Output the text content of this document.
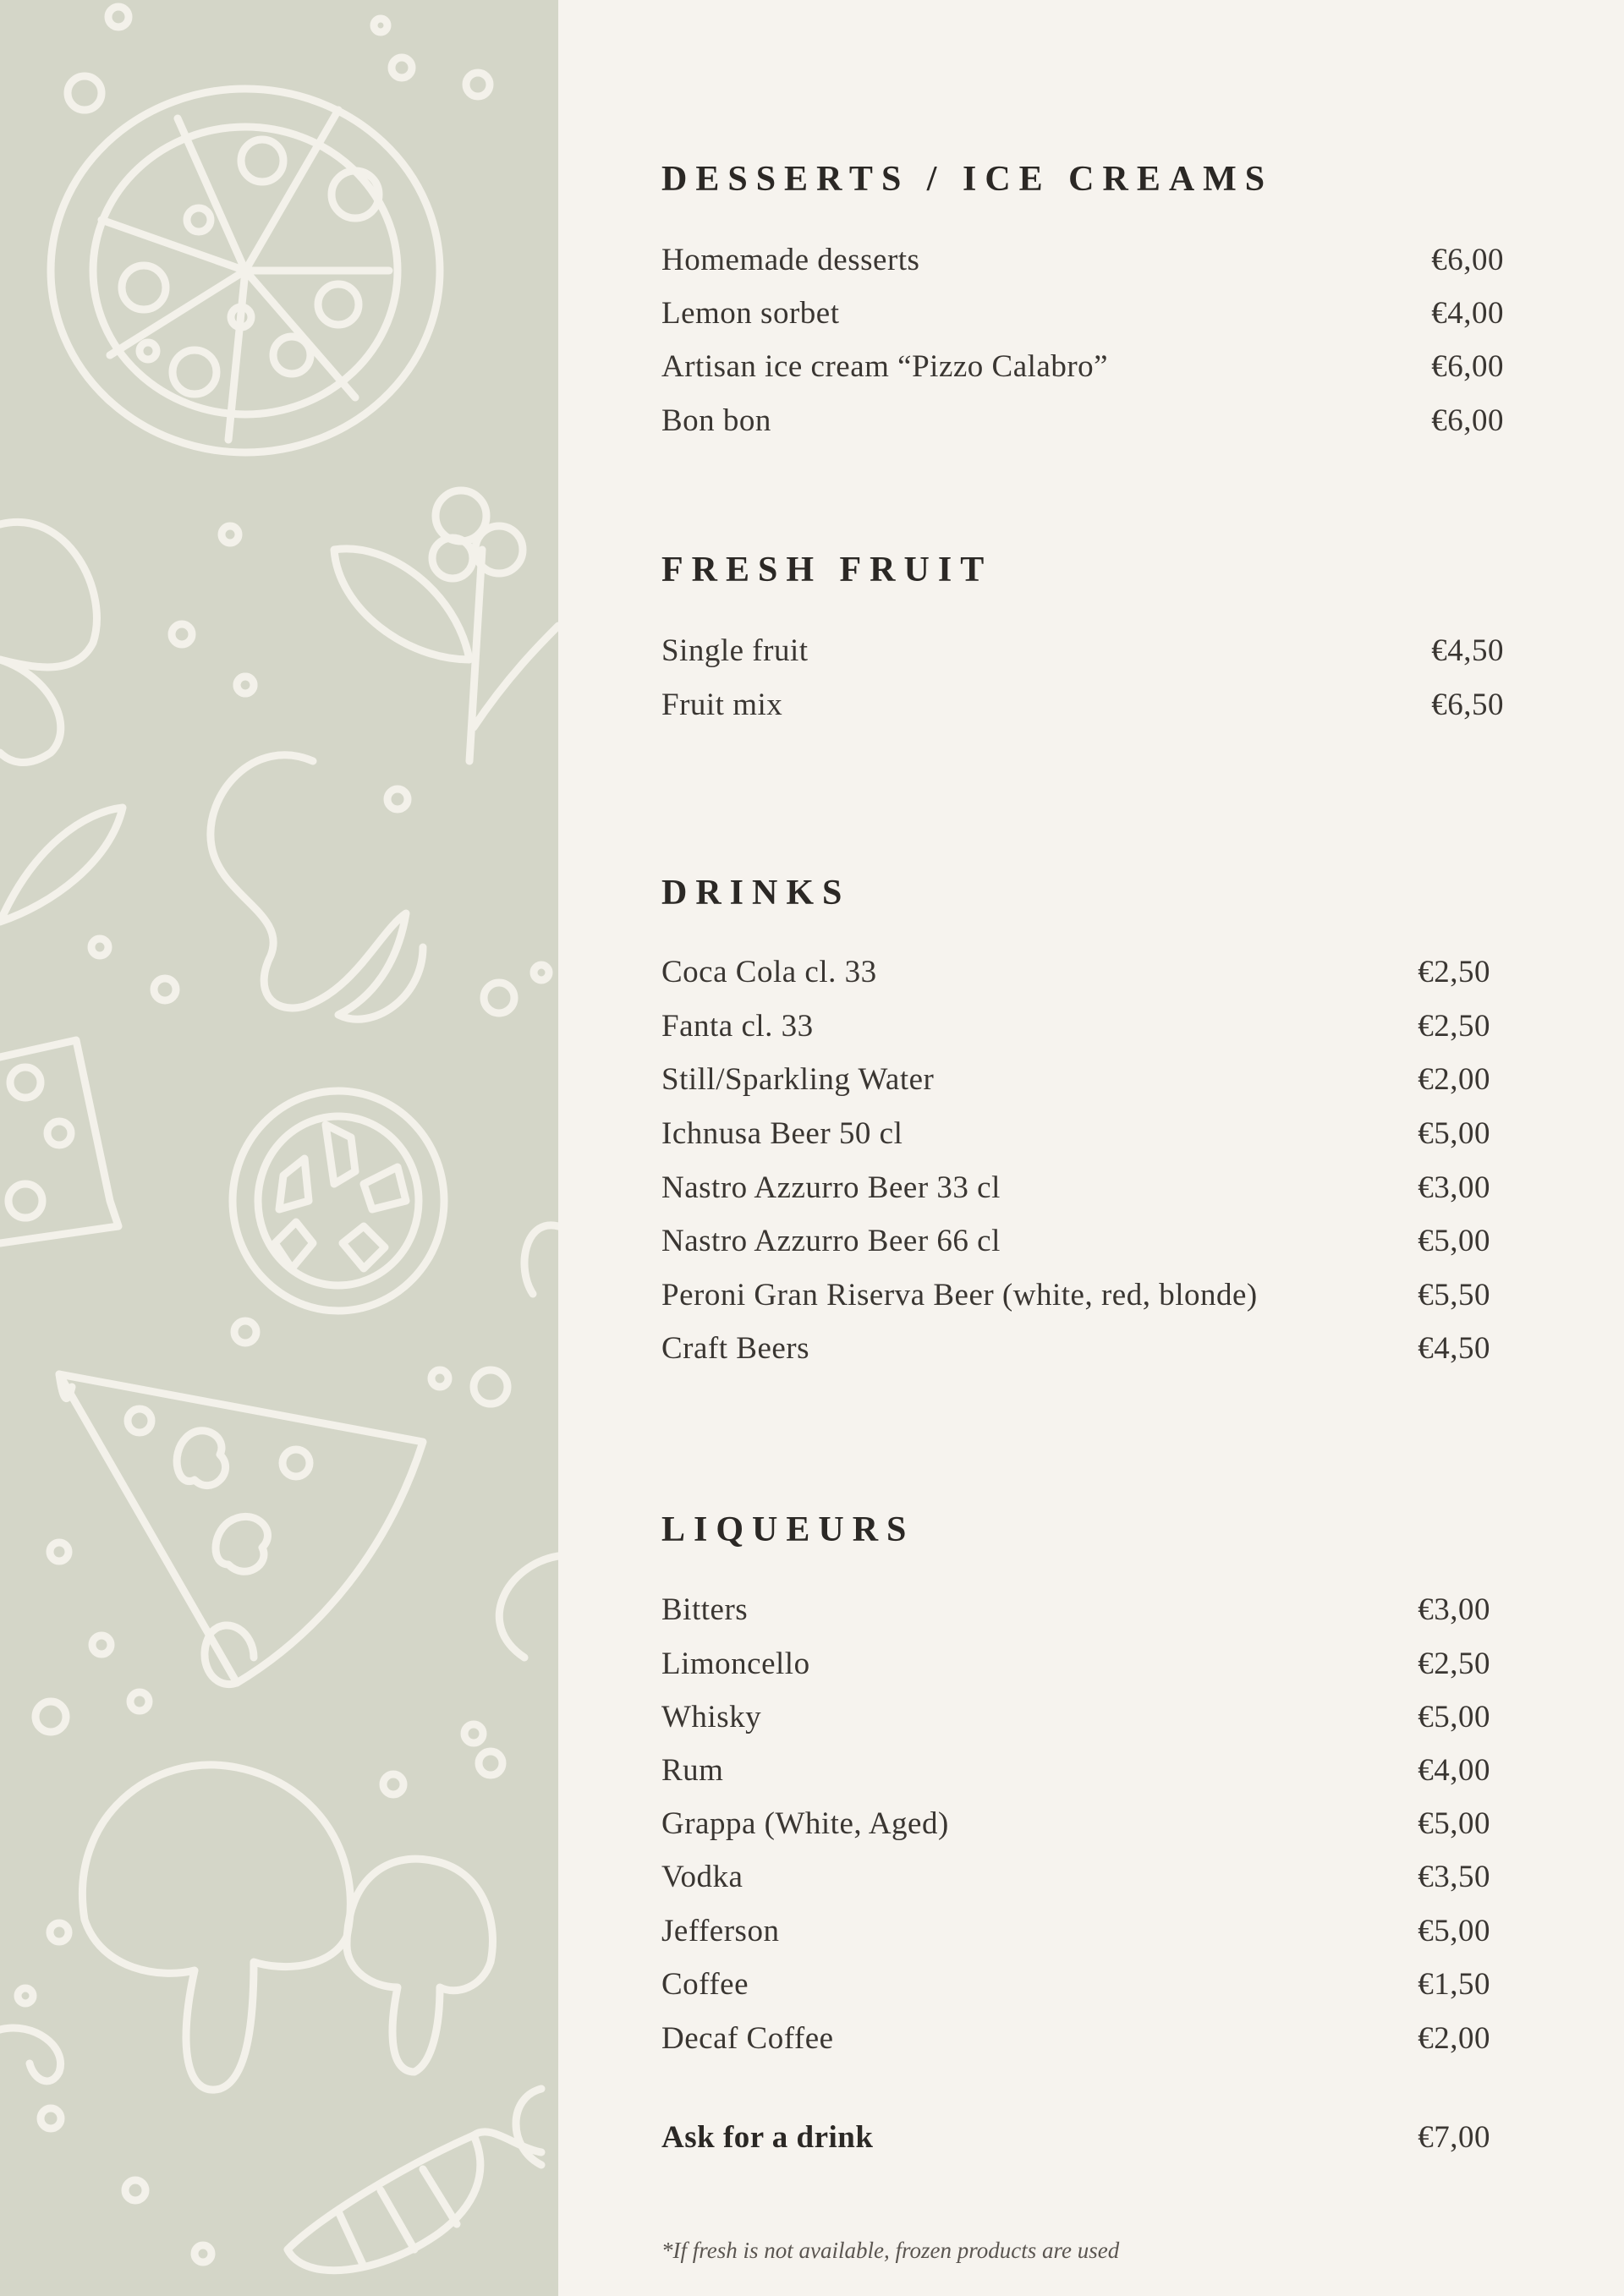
DESSERTS / ICE CREAMS
Homemade desserts	€6,00
Lemon sorbet	€4,00
Artisan ice cream “Pizzo Calabro”	€6,00
Bon bon	€6,00
FRESH FRUIT
Single fruit	€4,50
Fruit mix	€6,50
DRINKS
Coca Cola cl. 33	€2,50
Fanta cl. 33	€2,50
Still/Sparkling Water	€2,00
Ichnusa Beer 50 cl	€5,00
Nastro Azzurro Beer 33 cl	€3,00
Nastro Azzurro Beer 66 cl	€5,00
Peroni Gran Riserva Beer (white, red, blonde)	€5,50
Craft Beers	€4,50
LIQUEURS
Bitters	€3,00
Limoncello	€2,50
Whisky	€5,00
Rum	€4,00
Grappa (White, Aged)	€5,00
Vodka	€3,50
Jefferson	€5,00
Coffee	€1,50
Decaf Coffee	€2,00
Ask for a drink	€7,00
*If fresh is not available, frozen products are used
